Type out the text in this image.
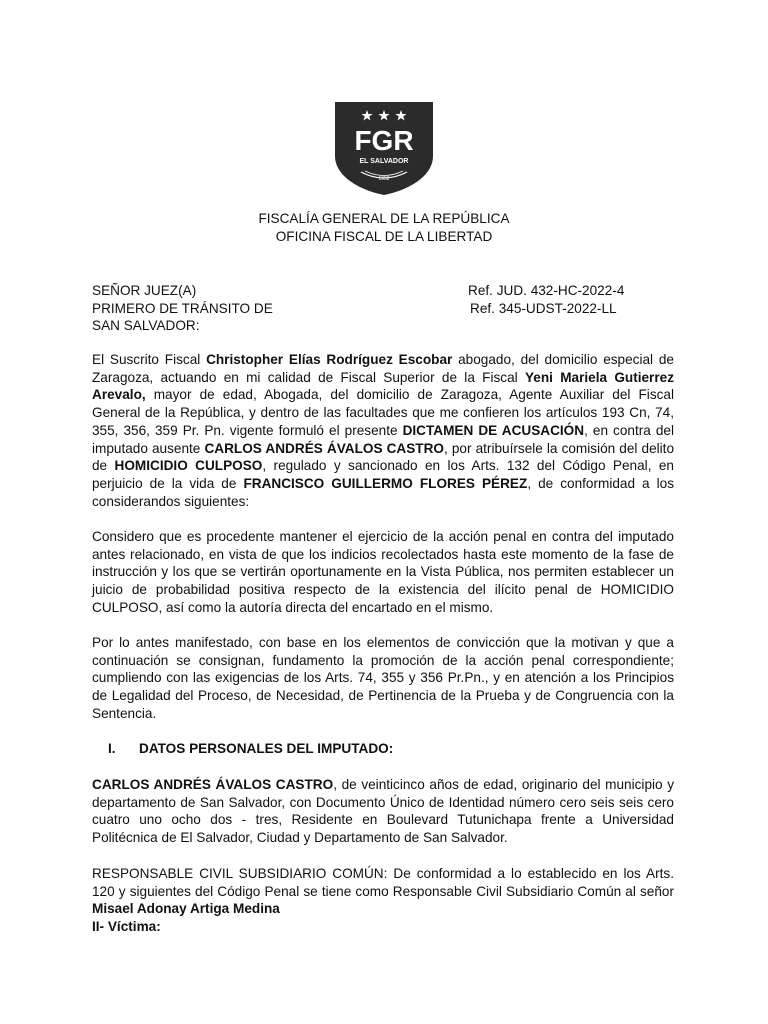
FGR
EL SALVADOR
1952
FISCALÍA GENERAL DE LA REPÚBLICA
OFICINA FISCAL DE LA LIBERTAD
SEÑOR JUEZ(A)
PRIMERO DE TRÁNSITO DE
SAN SALVADOR:
Ref. JUD. 432-HC-2022-4
Ref. 345-UDST-2022-LL

El Suscrito Fiscal Christopher Elías Rodríguez Escobar abogado, del domicilio especial de Zaragoza, actuando en mi calidad de Fiscal Superior de la Fiscal Yeni Mariela Gutierrez Arevalo, mayor de edad, Abogada, del domicilio de Zaragoza, Agente Auxiliar del Fiscal General de la República, y dentro de las facultades que me confieren los artículos 193 Cn, 74, 355, 356, 359 Pr. Pn. vigente formuló el presente DICTAMEN DE ACUSACIÓN, en contra del imputado ausente CARLOS ANDRÉS ÁVALOS CASTRO, por atribuírsele la comisión del delito de HOMICIDIO CULPOSO, regulado y sancionado en los Arts. 132 del Código Penal, en perjuicio de la vida de FRANCISCO GUILLERMO FLORES PÉREZ, de conformidad a los considerandos siguientes:

Considero que es procedente mantener el ejercicio de la acción penal en contra del imputado antes relacionado, en vista de que los indicios recolectados hasta este momento de la fase de instrucción y los que se vertirán oportunamente en la Vista Pública, nos permiten establecer un juicio de probabilidad positiva respecto de la existencia del ilícito penal de HOMICIDIO CULPOSO, así como la autoría directa del encartado en el mismo.

Por lo antes manifestado, con base en los elementos de convicción que la motivan y que a continuación se consignan, fundamento la promoción de la acción penal correspondiente; cumpliendo con las exigencias de los Arts. 74, 355 y 356 Pr.Pn., y en atención a los Principios de Legalidad del Proceso, de Necesidad, de Pertinencia de la Prueba y de Congruencia con la Sentencia.

I. DATOS PERSONALES DEL IMPUTADO:

CARLOS ANDRÉS ÁVALOS CASTRO, de veinticinco años de edad, originario del municipio y departamento de San Salvador, con Documento Único de Identidad número cero seis seis cero cuatro uno ocho dos - tres, Residente en Boulevard Tutunichapa frente a Universidad Politécnica de El Salvador, Ciudad y Departamento de San Salvador.

RESPONSABLE CIVIL SUBSIDIARIO COMÚN: De conformidad a lo establecido en los Arts. 120 y siguientes del Código Penal se tiene como Responsable Civil Subsidiario Común al señor Misael Adonay Artiga Medina

II- Víctima:
